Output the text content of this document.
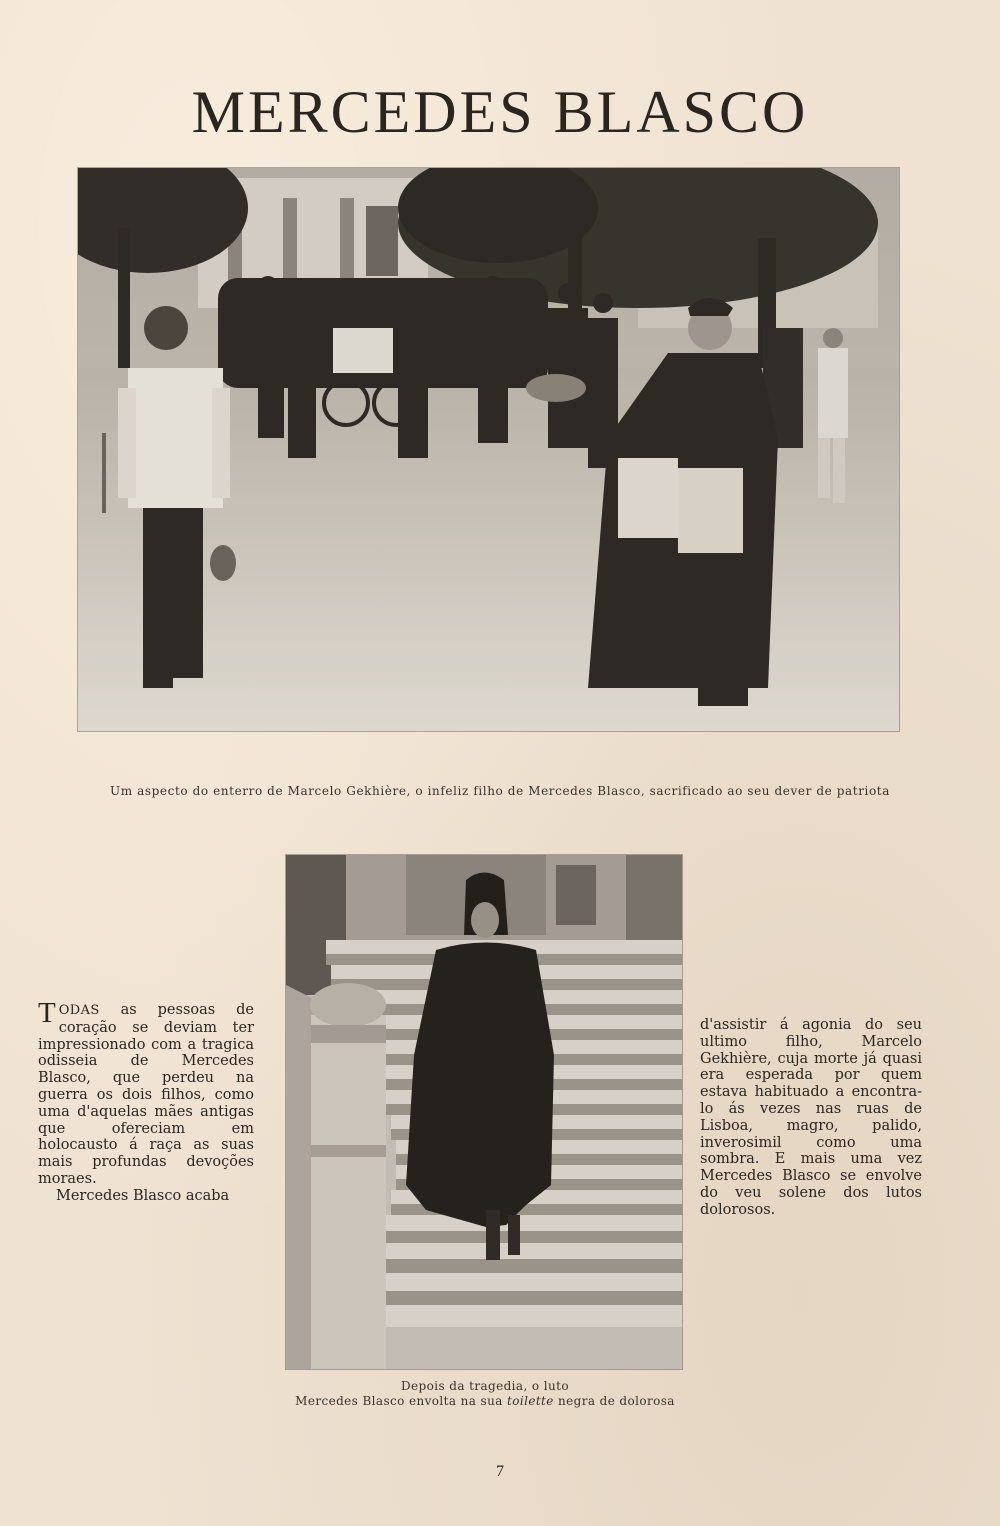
MERCEDES BLASCO

Um aspecto do enterro de Marcelo Gekhière, o infeliz filho de Mercedes Blasco, sacrificado ao seu dever de patriota

Depois da tragedia, o luto
Mercedes Blasco envolta na sua toilette negra de dolorosa

TODAS as pessoas de coração se deviam ter impressionado com a tragica odisseia de Mercedes Blasco, que perdeu na guerra os dois filhos, como uma d'aquelas mães antigas que ofereciam em holocausto á raça as suas mais profundas devoções moraes.
Mercedes Blasco acaba
d'assistir á agonia do seu ultimo filho, Marcelo Gekhière, cuja morte já quasi era esperada por quem estava habituado a encontra-lo ás vezes nas ruas de Lisboa, magro, palido, inverosimil como uma sombra. E mais uma vez Mercedes Blasco se envolve do veu solene dos lutos dolorosos.
7
